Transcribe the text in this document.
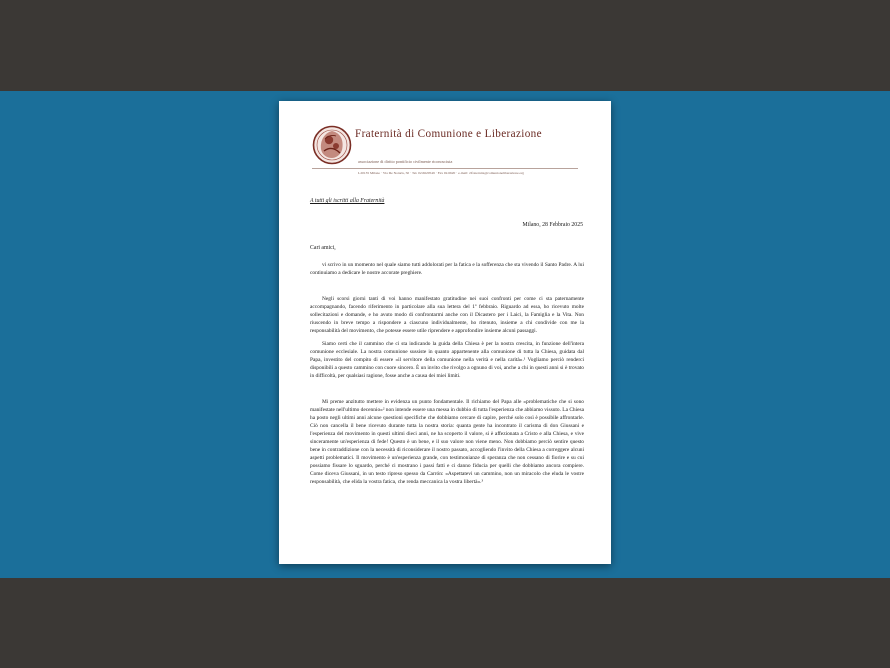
Fraternità di Comunione e Liberazione
associazione di diritto pontificio civilmente riconosciuta
I-20135 Milano · Via De Notaris, 50 · Tel. 02.6620549 · Fax 02.6620 · e-mail: clfraternita@comunioneliberazione.org
A tutti gli iscritti alla Fraternità
Milano, 28 Febbraio 2025
Cari amici,
vi scrivo in un momento nel quale siamo tutti addolorati per la fatica e la sofferenza che sta vivendo il Santo Padre. A lui continuiamo a dedicare le nostre accorate preghiere.
Negli scorsi giorni tanti di voi hanno manifestato gratitudine nei suoi confronti per come ci sta paternamente accompagnando, facendo riferimento in particolare alla sua lettera del 1º febbraio. Riguardo ad essa, ho ricevuto molte sollecitazioni e domande, e ho avuto modo di confrontarmi anche con il Dicastero per i Laici, la Famiglia e la Vita. Non riuscendo in breve tempo a rispondere a ciascuno individualmente, ho ritenuto, insieme a chi condivide con me la responsabilità del movimento, che potesse essere utile riprendere e approfondire insieme alcuni passaggi.
Siamo certi che il cammino che ci sta indicando la guida della Chiesa è per la nostra crescita, in funzione dell'intera comunione ecclesiale. La nostra comunione sussiste in quanto appartenente alla comunione di tutta la Chiesa, guidata dal Papa, investito del compito di essere «il servitore della comunione nella verità e nella carità».¹ Vogliamo perciò renderci disponibili a questo cammino con cuore sincero. È un invito che rivolgo a ognuno di voi, anche a chi in questi anni si è trovato in difficoltà, per qualsiasi ragione, fosse anche a causa dei miei limiti.
Mi preme anzitutto mettere in evidenza un punto fondamentale. Il richiamo del Papa alle «problematiche che si sono manifestate nell'ultimo decennio»² non intende essere una messa in dubbio di tutta l'esperienza che abbiamo vissuto. La Chiesa ha posto negli ultimi anni alcune questioni specifiche che dobbiamo cercare di capire, perché solo così è possibile affrontarle. Ciò non cancella il bene ricevuto durante tutta la nostra storia: quanta gente ha incontrato il carisma di don Giussani e l'esperienza del movimento in questi ultimi dieci anni, ne ha scoperto il valore, si è affezionata a Cristo e alla Chiesa, e vive sinceramente un'esperienza di fede! Questo è un bene, e il suo valore non viene meno. Non dobbiamo perciò sentire questo bene in contraddizione con la necessità di riconsiderare il nostro passato, accogliendo l'invito della Chiesa a correggere alcuni aspetti problematici. Il movimento è un'esperienza grande, con testimonianze di speranza che non cessano di fiorire e su cui possiamo fissare lo sguardo, perché ci mostrano i passi fatti e ci danno fiducia per quelli che dobbiamo ancora compiere. Come diceva Giussani, in un testo ripreso spesso da Carrón: «Aspettatevi un cammino, non un miracolo che eluda le vostre responsabilità, che elida la vostra fatica, che renda meccanica la vostra libertà».³
